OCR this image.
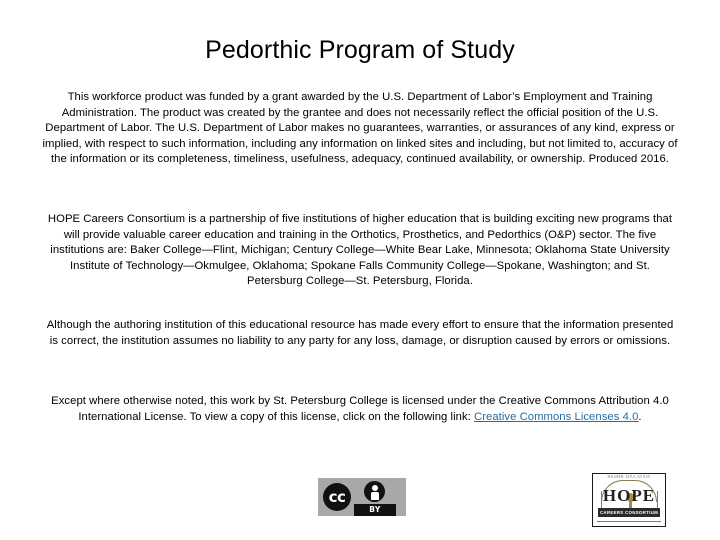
Pedorthic Program of Study
This workforce product was funded by a grant awarded by the U.S. Department of Labor’s Employment and Training Administration. The product was created by the grantee and does not necessarily reflect the official position of the U.S. Department of Labor. The U.S. Department of Labor makes no guarantees, warranties, or assurances of any kind, express or implied, with respect to such information, including any information on linked sites and including, but not limited to, accuracy of the information or its completeness, timeliness, usefulness, adequacy, continued availability, or ownership. Produced 2016.
HOPE Careers Consortium is a partnership of five institutions of higher education that is building exciting new programs that will provide valuable career education and training in the Orthotics, Prosthetics, and Pedorthics (O&P) sector. The five institutions are: Baker College—Flint, Michigan; Century College—White Bear Lake, Minnesota; Oklahoma State University Institute of Technology—Okmulgee, Oklahoma; Spokane Falls Community College—Spokane, Washington; and St. Petersburg College—St. Petersburg, Florida.
Although the authoring institution of this educational resource has made every effort to ensure that the information presented is correct, the institution assumes no liability to any party for any loss, damage, or disruption caused by errors or omissions.
Except where otherwise noted, this work by St. Petersburg College is licensed under the Creative Commons Attribution 4.0 International License. To view a copy of this license, click on the following link: Creative Commons Licenses 4.0.
cc
BY
HIGHER EDUCATION
HOPE
CAREERS CONSORTIUM
